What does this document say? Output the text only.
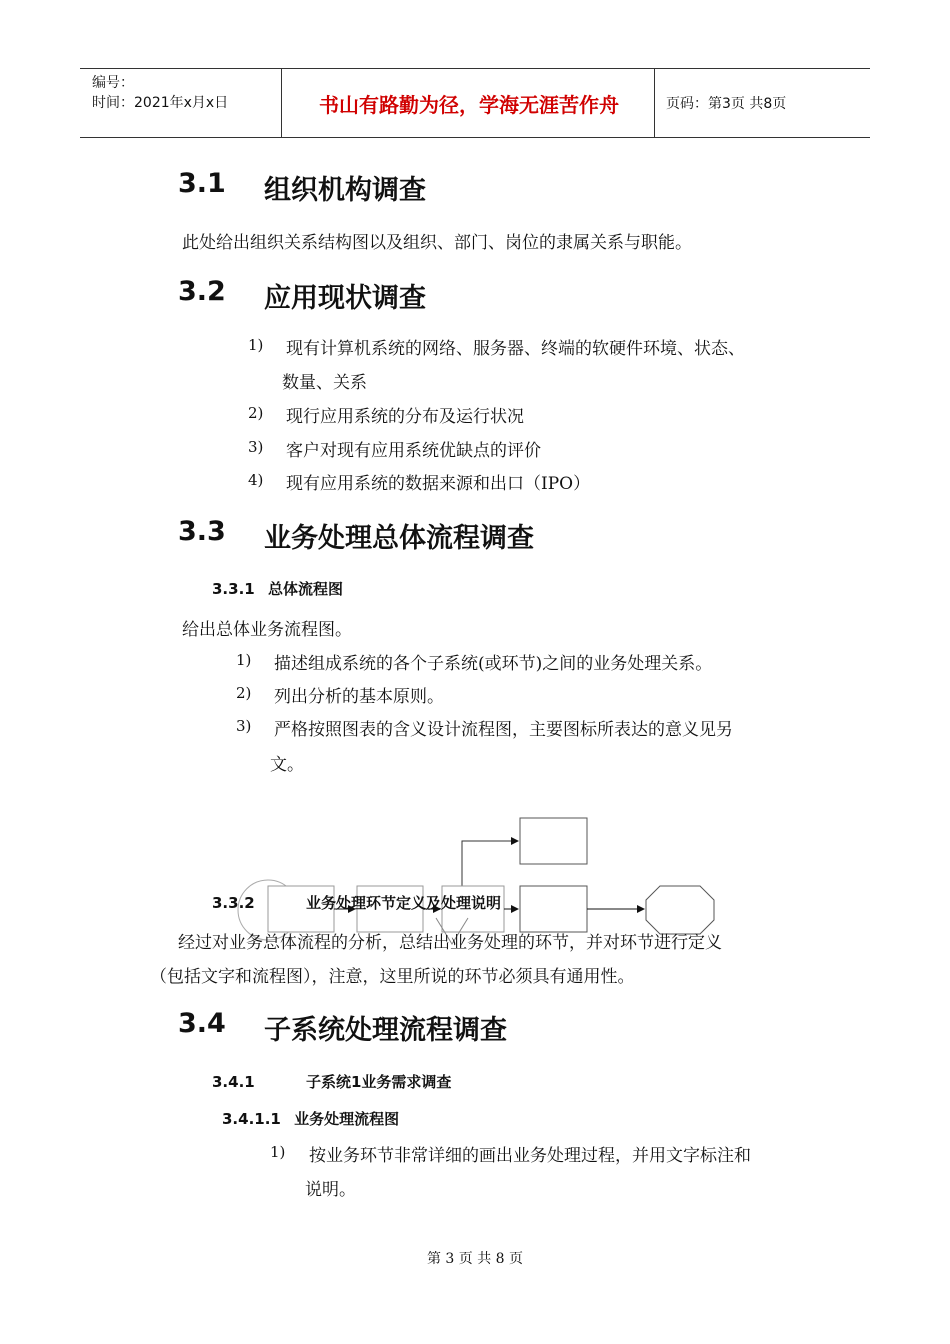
编号：
时间：2021年x月x日	书山有路勤为径，学海无涯苦作舟	页码：第3页 共8页
3.1 组织机构调查
此处给出组织关系结构图以及组织、部门、岗位的隶属关系与职能。
3.2 应用现状调查
1) 现有计算机系统的网络、服务器、终端的软硬件环境、状态、
数量、关系
2) 现行应用系统的分布及运行状况
3) 客户对现有应用系统优缺点的评价
4) 现有应用系统的数据来源和出口（IPO）
3.3 业务处理总体流程调查
3.3.1 总体流程图
给出总体业务流程图。
1) 描述组成系统的各个子系统(或环节)之间的业务处理关系。
2) 列出分析的基本原则。
3) 严格按照图表的含义设计流程图，主要图标所表达的意义见另
文。
3.3.2	业务处理环节定义及处理说明
经过对业务总体流程的分析，总结出业务处理的环节，并对环节进行定义
（包括文字和流程图），注意，这里所说的环节必须具有通用性。
3.4 子系统处理流程调查
3.4.1	子系统1业务需求调查
3.4.1.1 业务处理流程图
1) 按业务环节非常详细的画出业务处理过程，并用文字标注和
说明。
第 3 页 共 8 页
